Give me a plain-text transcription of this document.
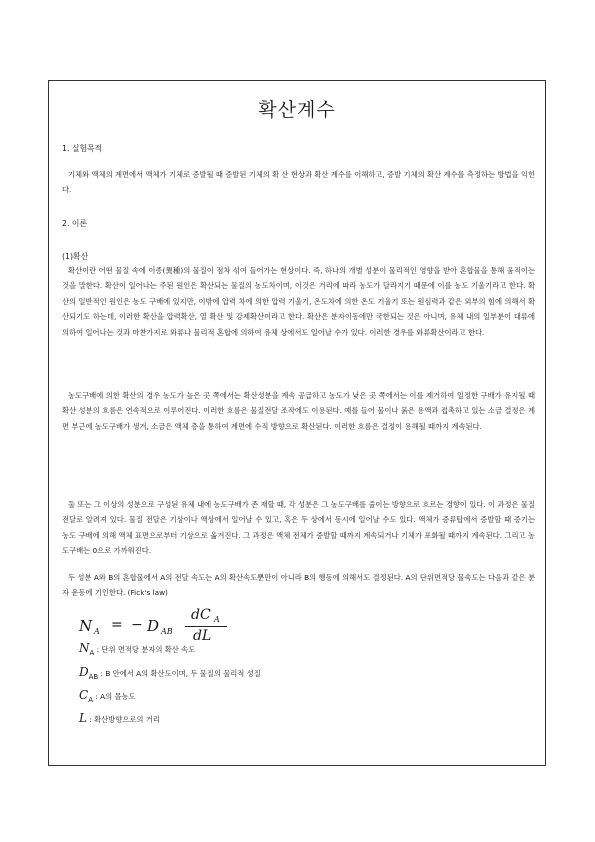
확산계수
1. 실험목적
기체와 액체의 계면에서 액체가 기체로 증발될 때 증발된 기체의 확 산 현상과 확산 계수를 이해하고, 증발 기체의 확산 계수를 측정하는 방법을 익힌다.
2. 이론
(1)확산
확산이란 어떤 물질 속에 이종(異種)의 물질이 점차 섞여 들어가는 현상이다. 즉, 하나의 개별 성분이 물리적인 영향을 받아 혼합물을 통해 움직이는 것을 말한다. 확산이 일어나는 주된 원인은 확산되는 물질의 농도차이며, 이것은 거리에 따라 농도가 달라지기 때문에 이를 농도 기울기라고 한다. 확산의 일반적인 원인은 농도 구배에 있지만, 이밖에 압력 차에 의한 압력 기울기, 온도차에 의한 온도 기울기 또는 원심력과 같은 외부의 힘에 의해서 확산되기도 하는데, 이러한 확산을 압력확산, 열 확산 및 강제확산이라고 한다. 확산은 분자이동에만 국한되는 것은 아니며, 유체 내의 일부분이 대류에 의하여 일어나는 것과 마찬가지로 와류나 물리적 혼합에 의하여 유체 상에서도 일어날 수가 있다. 이러한 경우를 와류확산이라고 한다.
농도구배에 의한 확산의 경우 농도가 높은 곳 쪽에서는 확산성분을 계속 공급하고 농도가 낮은 곳 쪽에서는 이를 제거하여 일정한 구배가 유지될 때 확산 성분의 흐름은 연속적으로 이루어진다. 이러한 흐름은 물질전달 조작에도 이용된다. 예를 들어 물이나 묽은 용액과 접촉하고 있는 소금 결정은 계면 부근에 농도구배가 생겨, 소금은 액체 층을 통하여 계면에 수직 방향으로 확산된다. 이러한 흐름은 결정이 용해될 때까지 계속된다.
둘 또는 그 이상의 성분으로 구성된 유체 내에 농도구배가 존 재할 때, 각 성분은 그 농도구배를 줄이는 방향으로 흐르는 경향이 있다. 이 과정은 물질 전달로 알려져 있다. 물질 전달은 기상이나 액상에서 일어날 수 있고, 혹은 두 상에서 동시에 일어날 수도 있다. 액체가 증류탑에서 증발할 때 증기는 농도 구배에 의해 액체 표면으로부터 기상으로 옮겨진다. 그 과정은 액체 전체가 증발할 때까지 계속되거나 기체가 포화될 때까지 계속된다. 그리고 농도구배는 0으로 가까워진다.
두 성분 A와 B의 혼합물에서 A의 전달 속도는 A의 확산속도뿐만이 아니라 B의 행동에 의해서도 결정된다. A의 단위면적당 물속도는 다음과 같은 분자 운동에 기인한다. (Fick's law)
N A = − D AB
dC A
dL
NA : 단위 면적당 분자의 확산 속도
DAB : B 안에서 A의 확산도이며, 두 물질의 물리적 성질
CA : A의 몰농도
L : 확산방향으로의 거리
